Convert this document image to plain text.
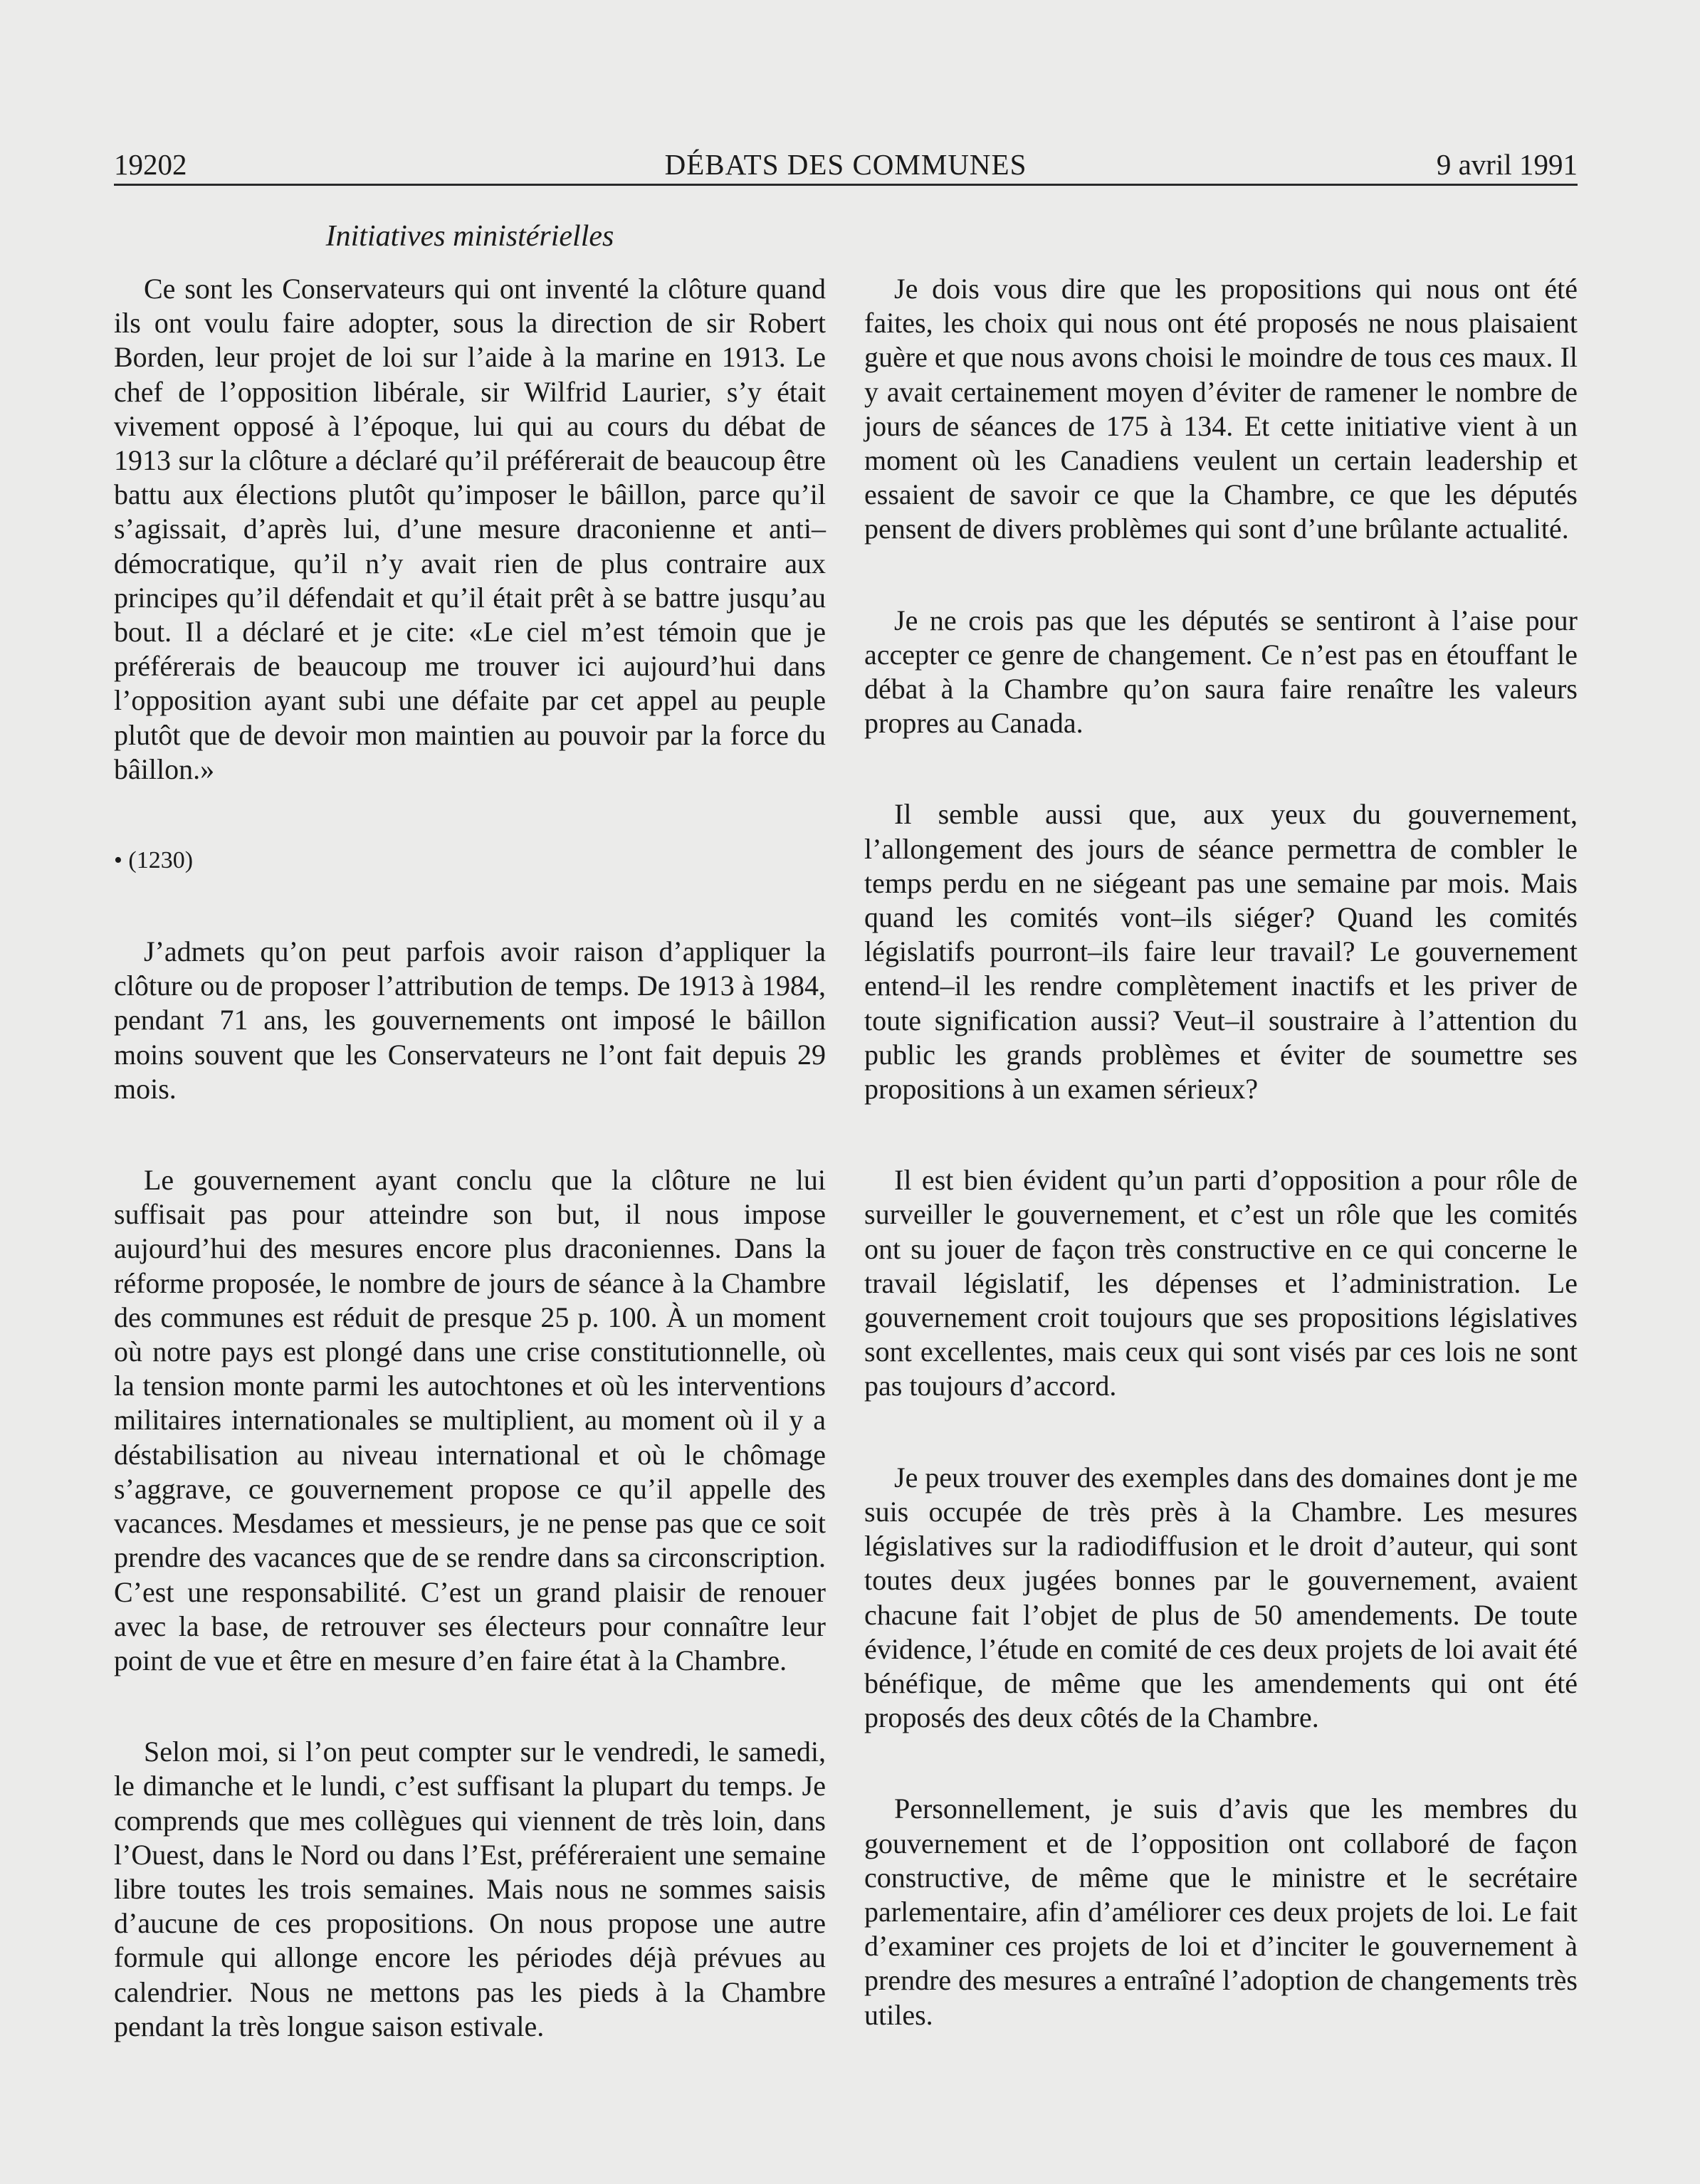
19202	DÉBATS DES COMMUNES	9 avril 1991
Initiatives ministérielles

Ce sont les Conservateurs qui ont inventé la clôture quand ils ont voulu faire adopter, sous la direction de sir Robert Borden, leur projet de loi sur l’aide à la marine en 1913. Le chef de l’opposition libérale, sir Wilfrid Laurier, s’y était vivement opposé à l’époque, lui qui au cours du débat de 1913 sur la clôture a déclaré qu’il préférerait de beaucoup être battu aux élections plutôt qu’imposer le bâillon, parce qu’il s’agissait, d’après lui, d’une mesure draconienne et anti–démocratique, qu’il n’y avait rien de plus contraire aux principes qu’il défendait et qu’il était prêt à se battre jusqu’au bout. Il a déclaré et je cite: «Le ciel m’est témoin que je préférerais de beaucoup me trouver ici aujourd’hui dans l’opposition ayant subi une défaite par cet appel au peuple plutôt que de devoir mon maintien au pouvoir par la force du bâillon.»

• (1230)

J’admets qu’on peut parfois avoir raison d’appliquer la clôture ou de proposer l’attribution de temps. De 1913 à 1984, pendant 71 ans, les gouvernements ont imposé le bâillon moins souvent que les Conservateurs ne l’ont fait depuis 29 mois.

Le gouvernement ayant conclu que la clôture ne lui suffisait pas pour atteindre son but, il nous impose aujourd’hui des mesures encore plus draconiennes. Dans la réforme proposée, le nombre de jours de séance à la Chambre des communes est réduit de presque 25 p. 100. À un moment où notre pays est plongé dans une crise constitutionnelle, où la tension monte parmi les autochtones et où les interventions militaires internationales se multiplient, au moment où il y a déstabilisation au niveau international et où le chômage s’aggrave, ce gouvernement propose ce qu’il appelle des vacances. Mesdames et messieurs, je ne pense pas que ce soit prendre des vacances que de se rendre dans sa circonscription. C’est une responsabilité. C’est un grand plaisir de renouer avec la base, de retrouver ses électeurs pour connaître leur point de vue et être en mesure d’en faire état à la Chambre.

Selon moi, si l’on peut compter sur le vendredi, le samedi, le dimanche et le lundi, c’est suffisant la plupart du temps. Je comprends que mes collègues qui viennent de très loin, dans l’Ouest, dans le Nord ou dans l’Est, préféreraient une semaine libre toutes les trois semaines. Mais nous ne sommes saisis d’aucune de ces propositions. On nous propose une autre formule qui allonge encore les périodes déjà prévues au calendrier. Nous ne mettons pas les pieds à la Chambre pendant la très longue saison estivale.

Je dois vous dire que les propositions qui nous ont été faites, les choix qui nous ont été proposés ne nous plaisaient guère et que nous avons choisi le moindre de tous ces maux. Il y avait certainement moyen d’éviter de ramener le nombre de jours de séances de 175 à 134. Et cette initiative vient à un moment où les Canadiens veulent un certain leadership et essaient de savoir ce que la Chambre, ce que les députés pensent de divers problèmes qui sont d’une brûlante actualité.

Je ne crois pas que les députés se sentiront à l’aise pour accepter ce genre de changement. Ce n’est pas en étouffant le débat à la Chambre qu’on saura faire renaître les valeurs propres au Canada.

Il semble aussi que, aux yeux du gouvernement, l’allongement des jours de séance permettra de combler le temps perdu en ne siégeant pas une semaine par mois. Mais quand les comités vont–ils siéger? Quand les comités législatifs pourront–ils faire leur travail? Le gouvernement entend–il les rendre complètement inactifs et les priver de toute signification aussi? Veut–il soustraire à l’attention du public les grands problèmes et éviter de soumettre ses propositions à un examen sérieux?

Il est bien évident qu’un parti d’opposition a pour rôle de surveiller le gouvernement, et c’est un rôle que les comités ont su jouer de façon très constructive en ce qui concerne le travail législatif, les dépenses et l’administration. Le gouvernement croit toujours que ses propositions législatives sont excellentes, mais ceux qui sont visés par ces lois ne sont pas toujours d’accord.

Je peux trouver des exemples dans des domaines dont je me suis occupée de très près à la Chambre. Les mesures législatives sur la radiodiffusion et le droit d’auteur, qui sont toutes deux jugées bonnes par le gouvernement, avaient chacune fait l’objet de plus de 50 amendements. De toute évidence, l’étude en comité de ces deux projets de loi avait été bénéfique, de même que les amendements qui ont été proposés des deux côtés de la Chambre.

Personnellement, je suis d’avis que les membres du gouvernement et de l’opposition ont collaboré de façon constructive, de même que le ministre et le secrétaire parlementaire, afin d’améliorer ces deux projets de loi. Le fait d’examiner ces projets de loi et d’inciter le gouvernement à prendre des mesures a entraîné l’adoption de changements très utiles.
